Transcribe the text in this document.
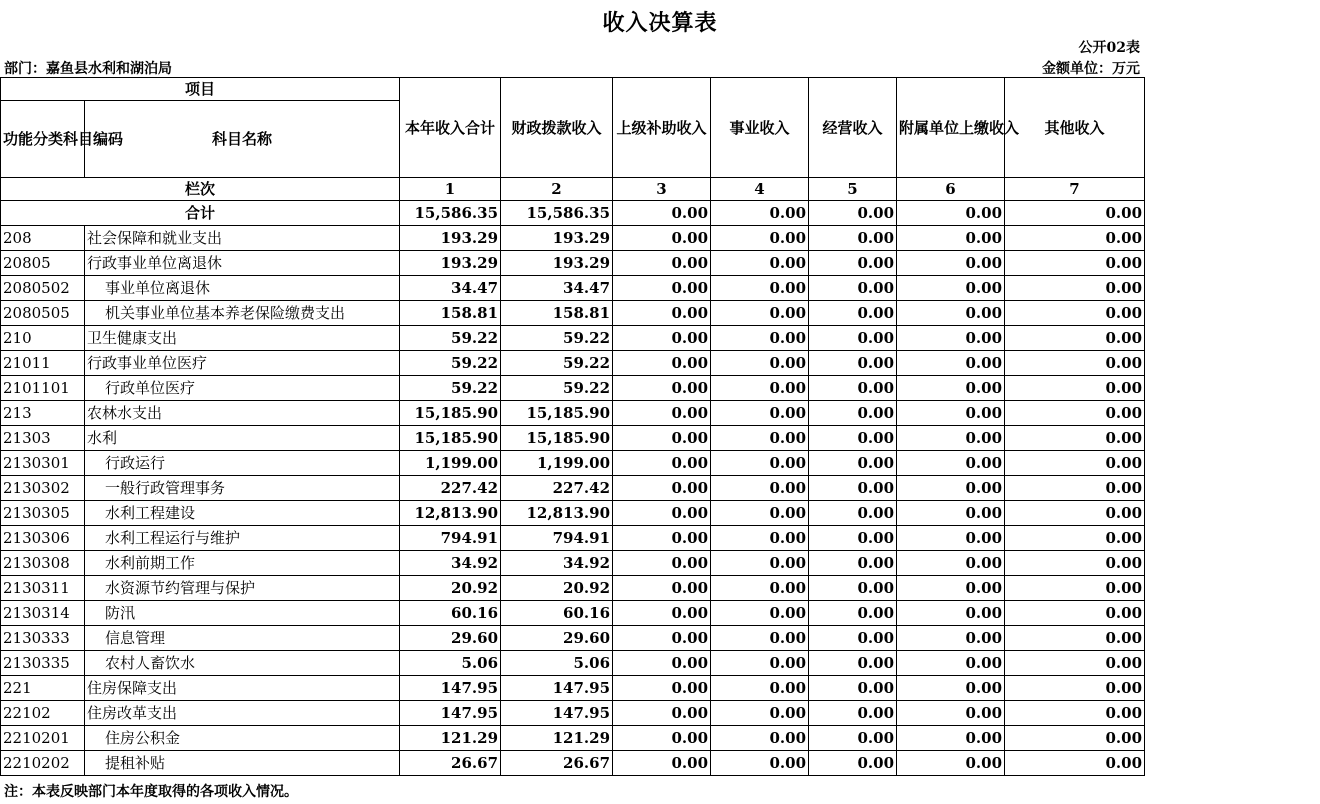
收入决算表
公开02表
部门：嘉鱼县水利和湖泊局	金额单位：万元
项目		本年收入合计	财政拨款收入	上级补助收入	事业收入	经营收入	附属单位上缴收入	其他收入
功能分类科目编码	科目名称							
栏次		1	2	3	4	5	6	7
合计		15,586.35	15,586.35	0.00	0.00	0.00	0.00	0.00
208	社会保障和就业支出	193.29	193.29	0.00	0.00	0.00	0.00	0.00
20805	行政事业单位离退休	193.29	193.29	0.00	0.00	0.00	0.00	0.00
2080502	事业单位离退休	34.47	34.47	0.00	0.00	0.00	0.00	0.00
2080505	机关事业单位基本养老保险缴费支出	158.81	158.81	0.00	0.00	0.00	0.00	0.00
210	卫生健康支出	59.22	59.22	0.00	0.00	0.00	0.00	0.00
21011	行政事业单位医疗	59.22	59.22	0.00	0.00	0.00	0.00	0.00
2101101	行政单位医疗	59.22	59.22	0.00	0.00	0.00	0.00	0.00
213	农林水支出	15,185.90	15,185.90	0.00	0.00	0.00	0.00	0.00
21303	水利	15,185.90	15,185.90	0.00	0.00	0.00	0.00	0.00
2130301	行政运行	1,199.00	1,199.00	0.00	0.00	0.00	0.00	0.00
2130302	一般行政管理事务	227.42	227.42	0.00	0.00	0.00	0.00	0.00
2130305	水利工程建设	12,813.90	12,813.90	0.00	0.00	0.00	0.00	0.00
2130306	水利工程运行与维护	794.91	794.91	0.00	0.00	0.00	0.00	0.00
2130308	水利前期工作	34.92	34.92	0.00	0.00	0.00	0.00	0.00
2130311	水资源节约管理与保护	20.92	20.92	0.00	0.00	0.00	0.00	0.00
2130314	防汛	60.16	60.16	0.00	0.00	0.00	0.00	0.00
2130333	信息管理	29.60	29.60	0.00	0.00	0.00	0.00	0.00
2130335	农村人畜饮水	5.06	5.06	0.00	0.00	0.00	0.00	0.00
221	住房保障支出	147.95	147.95	0.00	0.00	0.00	0.00	0.00
22102	住房改革支出	147.95	147.95	0.00	0.00	0.00	0.00	0.00
2210201	住房公积金	121.29	121.29	0.00	0.00	0.00	0.00	0.00
2210202	提租补贴	26.67	26.67	0.00	0.00	0.00	0.00	0.00
注：本表反映部门本年度取得的各项收入情况。
